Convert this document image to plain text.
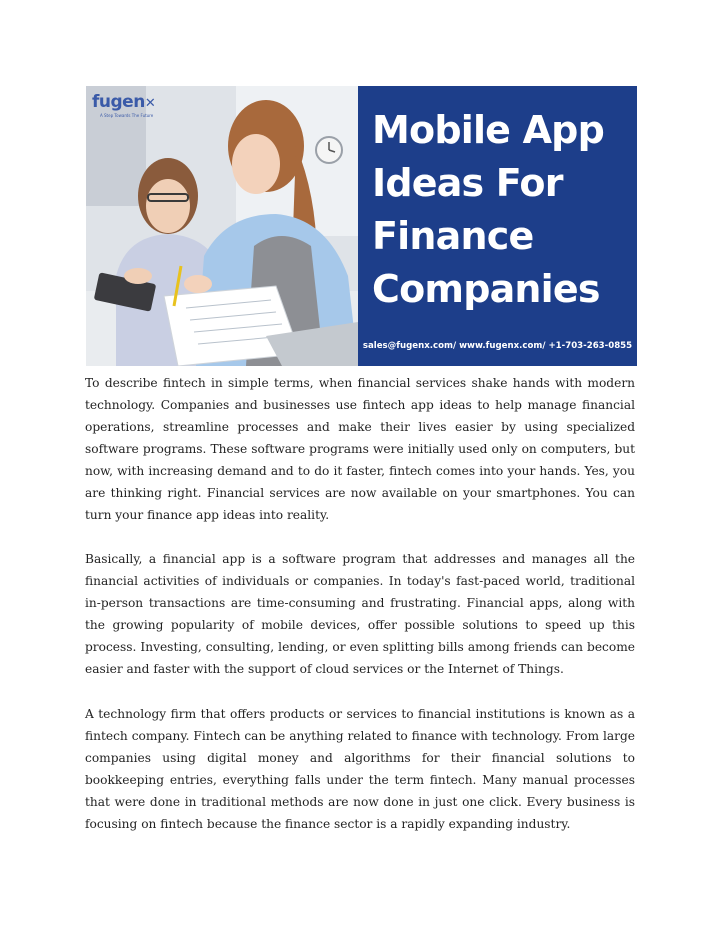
fugen✕
A Step Towards The Future	Mobile App
Ideas For
Finance
Companies
sales@fugenx.com/ www.fugenx.com/ +1-703-263-0855

To describe fintech in simple terms, when financial services shake hands with modern technology. Companies and businesses use fintech app ideas to help manage financial operations, streamline processes and make their lives easier by using specialized software programs. These software programs were initially used only on computers, but now, with increasing demand and to do it faster, fintech comes into your hands. Yes, you are thinking right. Financial services are now available on your smartphones. You can turn your finance app ideas into reality.

Basically, a financial app is a software program that addresses and manages all the financial activities of individuals or companies. In today's fast-paced world, traditional in-person transactions are time-consuming and frustrating. Financial apps, along with the growing popularity of mobile devices, offer possible solutions to speed up this process. Investing, consulting, lending, or even splitting bills among friends can become easier and faster with the support of cloud services or the Internet of Things.

A technology firm that offers products or services to financial institutions is known as a fintech company. Fintech can be anything related to finance with technology. From large companies using digital money and algorithms for their financial solutions to bookkeeping entries, everything falls under the term fintech. Many manual processes that were done in traditional methods are now done in just one click. Every business is focusing on fintech because the finance sector is a rapidly expanding industry.
